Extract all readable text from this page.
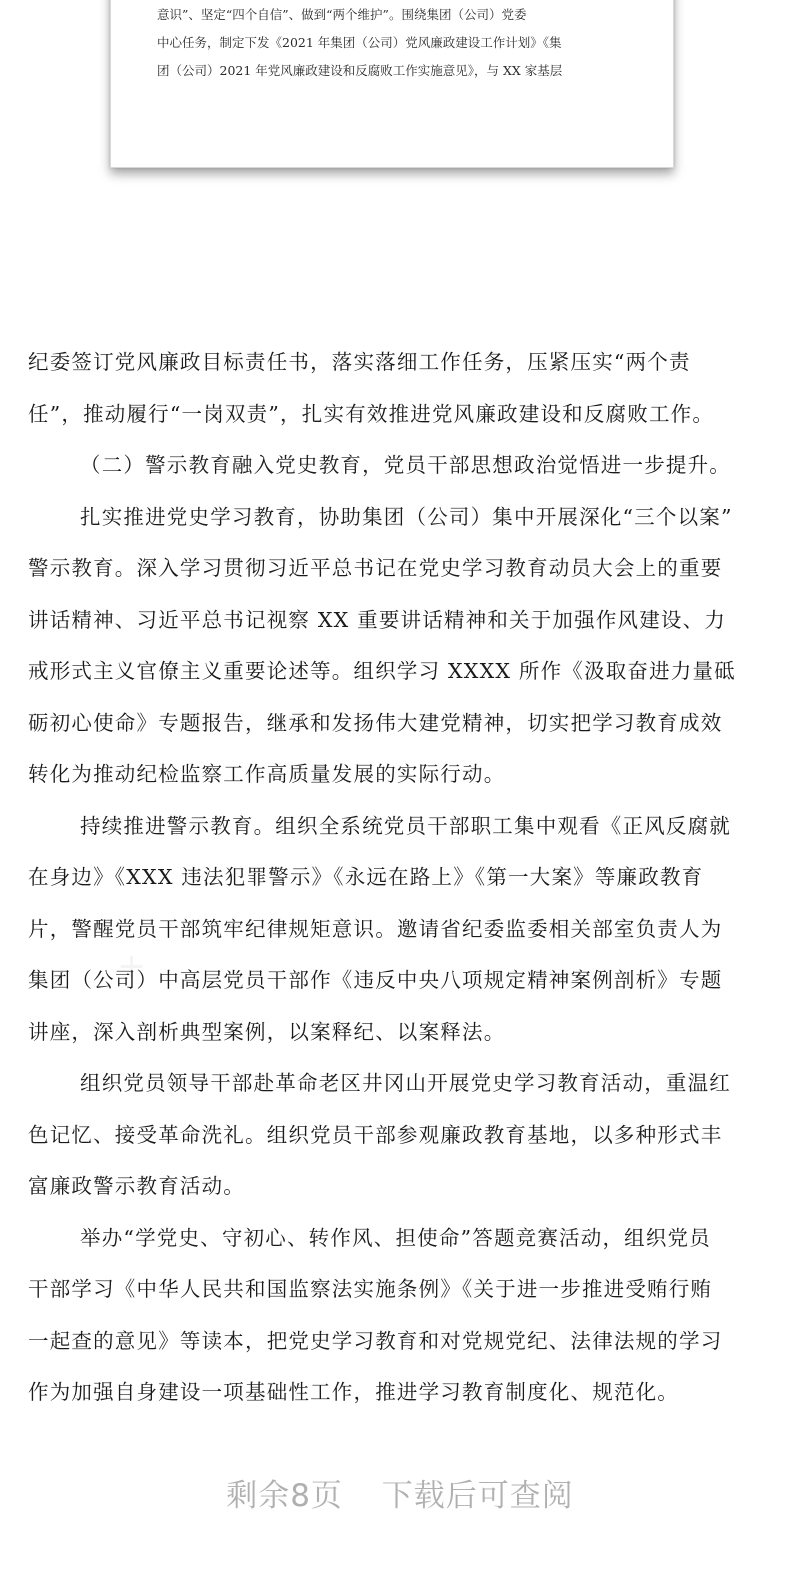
意识”、坚定“四个自信”、做到“两个维护”。围绕集团（公司）党委
中心任务，制定下发《2021 年集团（公司）党风廉政建设工作计划》《集
团（公司）2021 年党风廉政建设和反腐败工作实施意见》，与 XX 家基层

纪委签订党风廉政目标责任书，落实落细工作任务，压紧压实“两个责
任”，推动履行“一岗双责”，扎实有效推进党风廉政建设和反腐败工作。

（二）警示教育融入党史教育，党员干部思想政治觉悟进一步提升。

扎实推进党史学习教育，协助集团（公司）集中开展深化“三个以案”
警示教育。深入学习贯彻习近平总书记在党史学习教育动员大会上的重要
讲话精神、习近平总书记视察 XX 重要讲话精神和关于加强作风建设、力
戒形式主义官僚主义重要论述等。组织学习 XXXX 所作《汲取奋进力量砥
砺初心使命》专题报告，继承和发扬伟大建党精神，切实把学习教育成效
转化为推动纪检监察工作高质量发展的实际行动。

持续推进警示教育。组织全系统党员干部职工集中观看《正风反腐就
在身边》《XXX 违法犯罪警示》《永远在路上》《第一大案》等廉政教育
片，警醒党员干部筑牢纪律规矩意识。邀请省纪委监委相关部室负责人为
集团（公司）中高层党员干部作《违反中央八项规定精神案例剖析》专题
讲座，深入剖析典型案例，以案释纪、以案释法。

组织党员领导干部赴革命老区井冈山开展党史学习教育活动，重温红
色记忆、接受革命洗礼。组织党员干部参观廉政教育基地，以多种形式丰
富廉政警示教育活动。

举办“学党史、守初心、转作风、担使命”答题竞赛活动，组织党员
干部学习《中华人民共和国监察法实施条例》《关于进一步推进受贿行贿
一起查的意见》等读本，把党史学习教育和对党规党纪、法律法规的学习
作为加强自身建设一项基础性工作，推进学习教育制度化、规范化。

剩余8页 下载后可查阅
